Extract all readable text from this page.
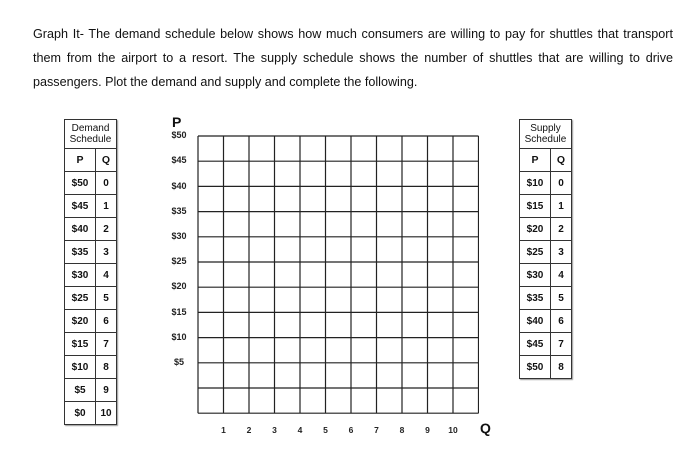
Graph It- The demand schedule below shows how much consumers are willing to pay for shuttles that transport them from the airport to a resort. The supply schedule shows the number of shuttles that are willing to drive passengers. Plot the demand and supply and complete the following.
Demand
Schedule	
P	Q
$50	0
$45	1
$40	2
$35	3
$30	4
$25	5
$20	6
$15	7
$10	8
$5	9
$0	10
Supply
Schedule	
P	Q
$10	0
$15	1
$20	2
$25	3
$30	4
$35	5
$40	6
$45	7
$50	8
P
Q
$50
$45
$40
$35
$30
$25
$20
$15
$10
$5
1	2	3	4	5	6	7	8	9	10
